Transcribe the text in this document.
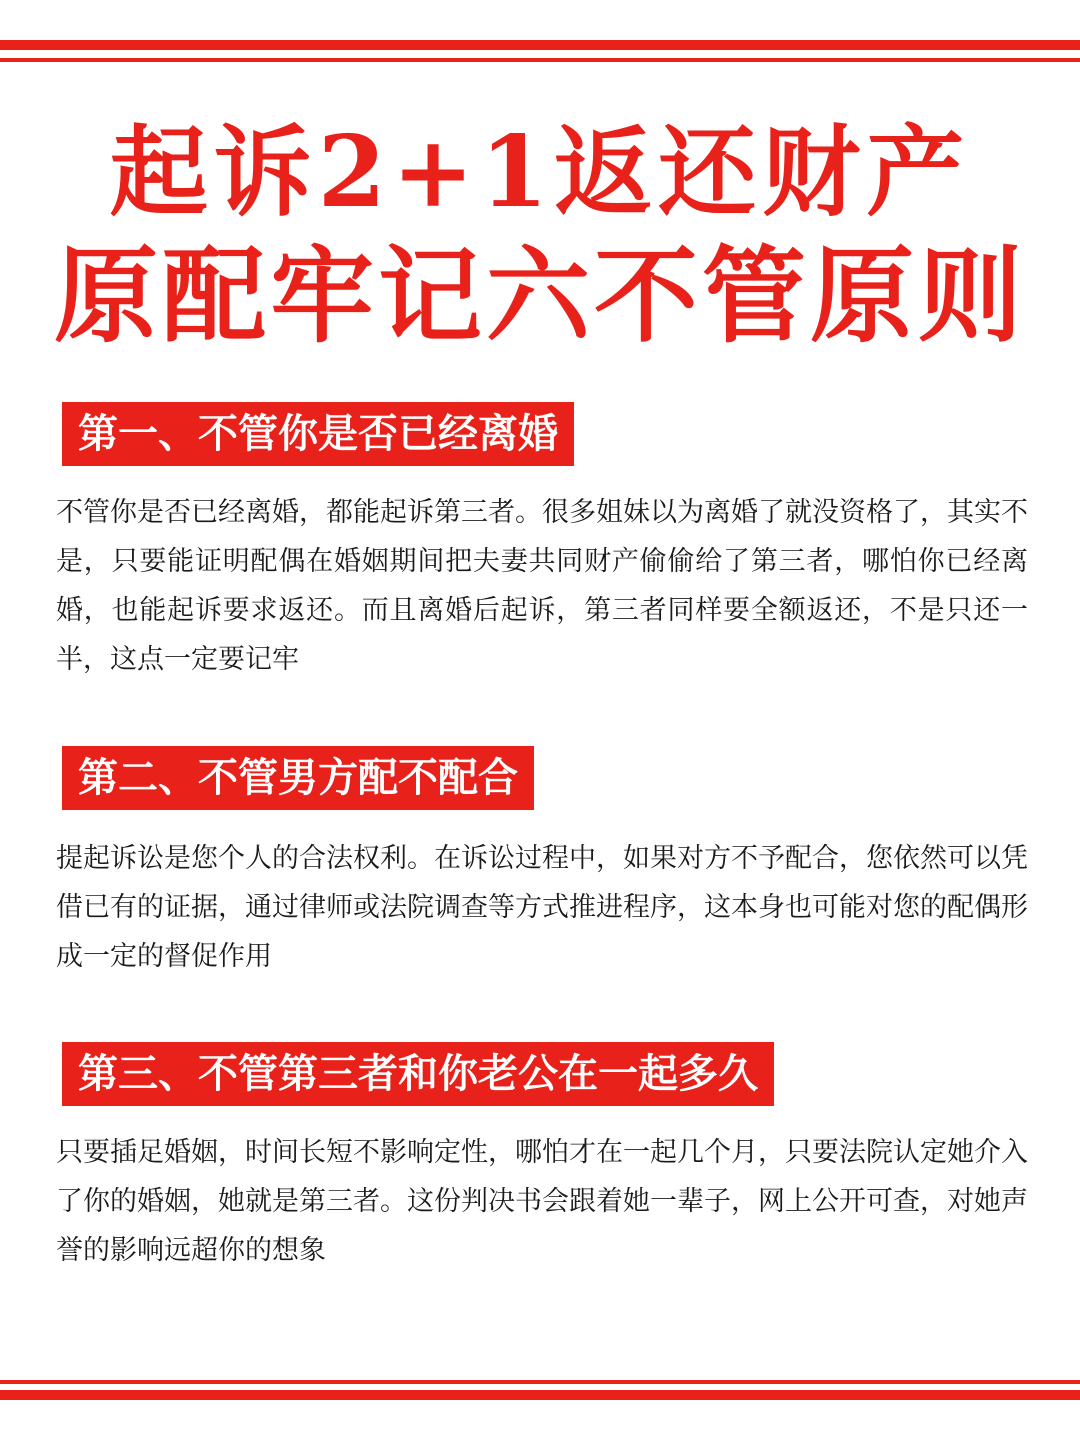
起诉2+1返还财产
原配牢记六不管原则
第一、不管你是否已经离婚
不管你是否已经离婚，都能起诉第三者。很多姐妹以为离婚了就没资格了，其实不是，只要能证明配偶在婚姻期间把夫妻共同财产偷偷给了第三者，哪怕你已经离婚，也能起诉要求返还。而且离婚后起诉，第三者同样要全额返还，不是只还一半，这点一定要记牢
第二、不管男方配不配合
提起诉讼是您个人的合法权利。在诉讼过程中，如果对方不予配合，您依然可以凭借已有的证据，通过律师或法院调查等方式推进程序，这本身也可能对您的配偶形成一定的督促作用
第三、不管第三者和你老公在一起多久
只要插足婚姻，时间长短不影响定性，哪怕才在一起几个月，只要法院认定她介入了你的婚姻，她就是第三者。这份判决书会跟着她一辈子，网上公开可查，对她声誉的影响远超你的想象
